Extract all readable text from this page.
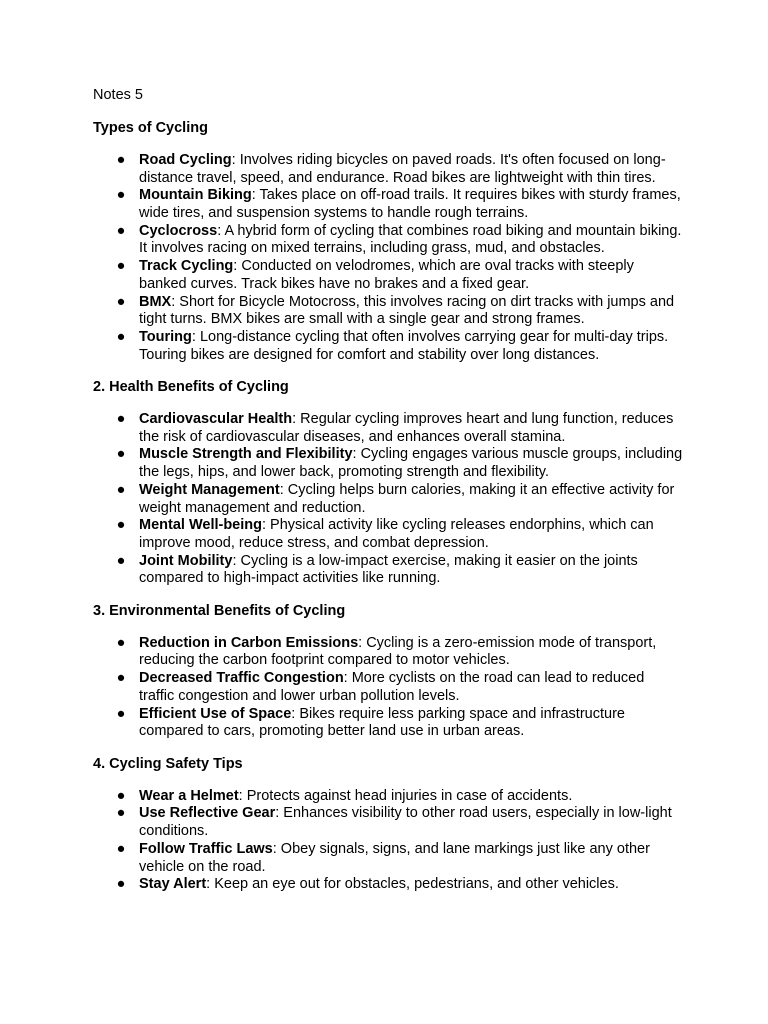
Notes 5
Types of Cycling
● Road Cycling: Involves riding bicycles on paved roads. It's often focused on long-distance travel, speed, and endurance. Road bikes are lightweight with thin tires.
● Mountain Biking: Takes place on off-road trails. It requires bikes with sturdy frames, wide tires, and suspension systems to handle rough terrains.
● Cyclocross: A hybrid form of cycling that combines road biking and mountain biking. It involves racing on mixed terrains, including grass, mud, and obstacles.
● Track Cycling: Conducted on velodromes, which are oval tracks with steeply banked curves. Track bikes have no brakes and a fixed gear.
● BMX: Short for Bicycle Motocross, this involves racing on dirt tracks with jumps and tight turns. BMX bikes are small with a single gear and strong frames.
● Touring: Long-distance cycling that often involves carrying gear for multi-day trips. Touring bikes are designed for comfort and stability over long distances.
2. Health Benefits of Cycling
● Cardiovascular Health: Regular cycling improves heart and lung function, reduces the risk of cardiovascular diseases, and enhances overall stamina.
● Muscle Strength and Flexibility: Cycling engages various muscle groups, including the legs, hips, and lower back, promoting strength and flexibility.
● Weight Management: Cycling helps burn calories, making it an effective activity for weight management and reduction.
● Mental Well-being: Physical activity like cycling releases endorphins, which can improve mood, reduce stress, and combat depression.
● Joint Mobility: Cycling is a low-impact exercise, making it easier on the joints compared to high-impact activities like running.
3. Environmental Benefits of Cycling
● Reduction in Carbon Emissions: Cycling is a zero-emission mode of transport, reducing the carbon footprint compared to motor vehicles.
● Decreased Traffic Congestion: More cyclists on the road can lead to reduced traffic congestion and lower urban pollution levels.
● Efficient Use of Space: Bikes require less parking space and infrastructure compared to cars, promoting better land use in urban areas.
4. Cycling Safety Tips
● Wear a Helmet: Protects against head injuries in case of accidents.
● Use Reflective Gear: Enhances visibility to other road users, especially in low-light conditions.
● Follow Traffic Laws: Obey signals, signs, and lane markings just like any other vehicle on the road.
● Stay Alert: Keep an eye out for obstacles, pedestrians, and other vehicles.
